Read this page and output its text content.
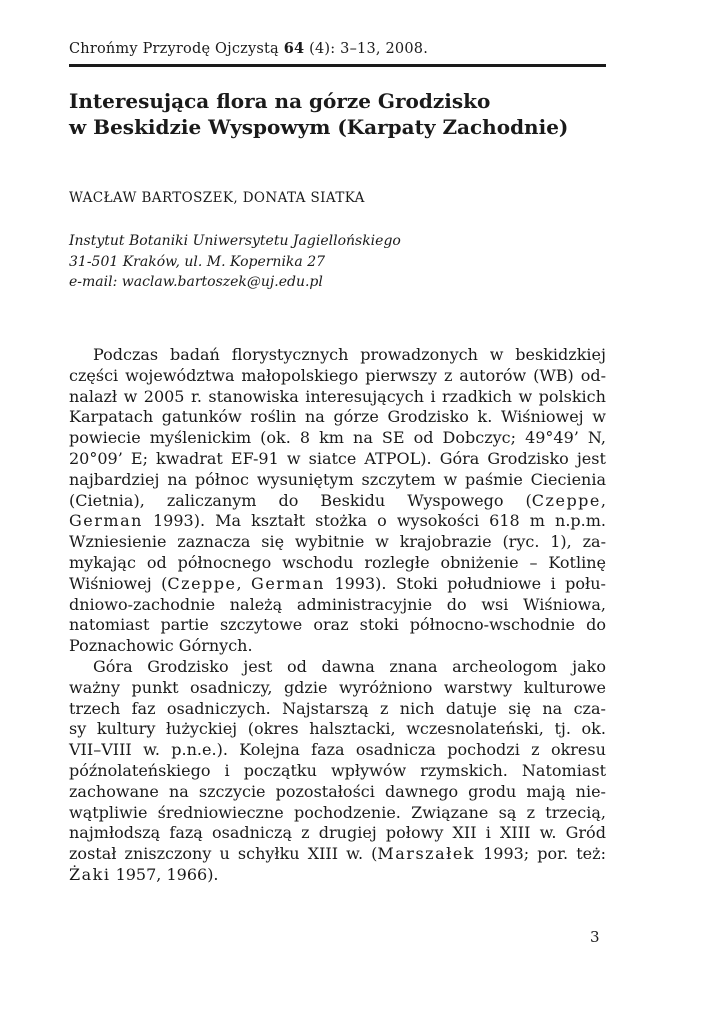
Chrońmy Przyrodę Ojczystą 64 (4): 3–13, 2008.
Interesująca flora na górze Grodzisko
w Beskidzie Wyspowym (Karpaty Zachodnie)
WACŁAW BARTOSZEK, DONATA SIATKA
Instytut Botaniki Uniwersytetu Jagiellońskiego
31-501 Kraków, ul. M. Kopernika 27
e-mail: waclaw.bartoszek@uj.edu.pl
Podczas badań florystycznych prowadzonych w beskidzkiej
części województwa małopolskiego pierwszy z autorów (WB) od-
nalazł w 2005 r. stanowiska interesujących i rzadkich w polskich
Karpatach gatunków roślin na górze Grodzisko k. Wiśniowej w
powiecie myślenickim (ok. 8 km na SE od Dobczyc; 49°49’ N,
20°09’ E; kwadrat EF-91 w siatce ATPOL). Góra Grodzisko jest
najbardziej na północ wysuniętym szczytem w paśmie Ciecienia
(Cietnia), zaliczanym do Beskidu Wyspowego (Czeppe,
German 1993). Ma kształt stożka o wysokości 618 m n.p.m.
Wzniesienie zaznacza się wybitnie w krajobrazie (ryc. 1), za-
mykając od północnego wschodu rozległe obniżenie – Kotlinę
Wiśniowej (Czeppe, German 1993). Stoki południowe i połu-
dniowo-zachodnie należą administracyjnie do wsi Wiśniowa,
natomiast partie szczytowe oraz stoki północno-wschodnie do
Poznachowic Górnych.
Góra Grodzisko jest od dawna znana archeologom jako
ważny punkt osadniczy, gdzie wyróżniono warstwy kulturowe
trzech faz osadniczych. Najstarszą z nich datuje się na cza-
sy kultury łużyckiej (okres halsztacki, wczesnolateński, tj. ok.
VII–VIII w. p.n.e.). Kolejna faza osadnicza pochodzi z okresu
późnolateńskiego i początku wpływów rzymskich. Natomiast
zachowane na szczycie pozostałości dawnego grodu mają nie-
wątpliwie średniowieczne pochodzenie. Związane są z trzecią,
najmłodszą fazą osadniczą z drugiej połowy XII i XIII w. Gród
został zniszczony u schyłku XIII w. (Marszałek 1993; por. też:
Żaki 1957, 1966).
3
